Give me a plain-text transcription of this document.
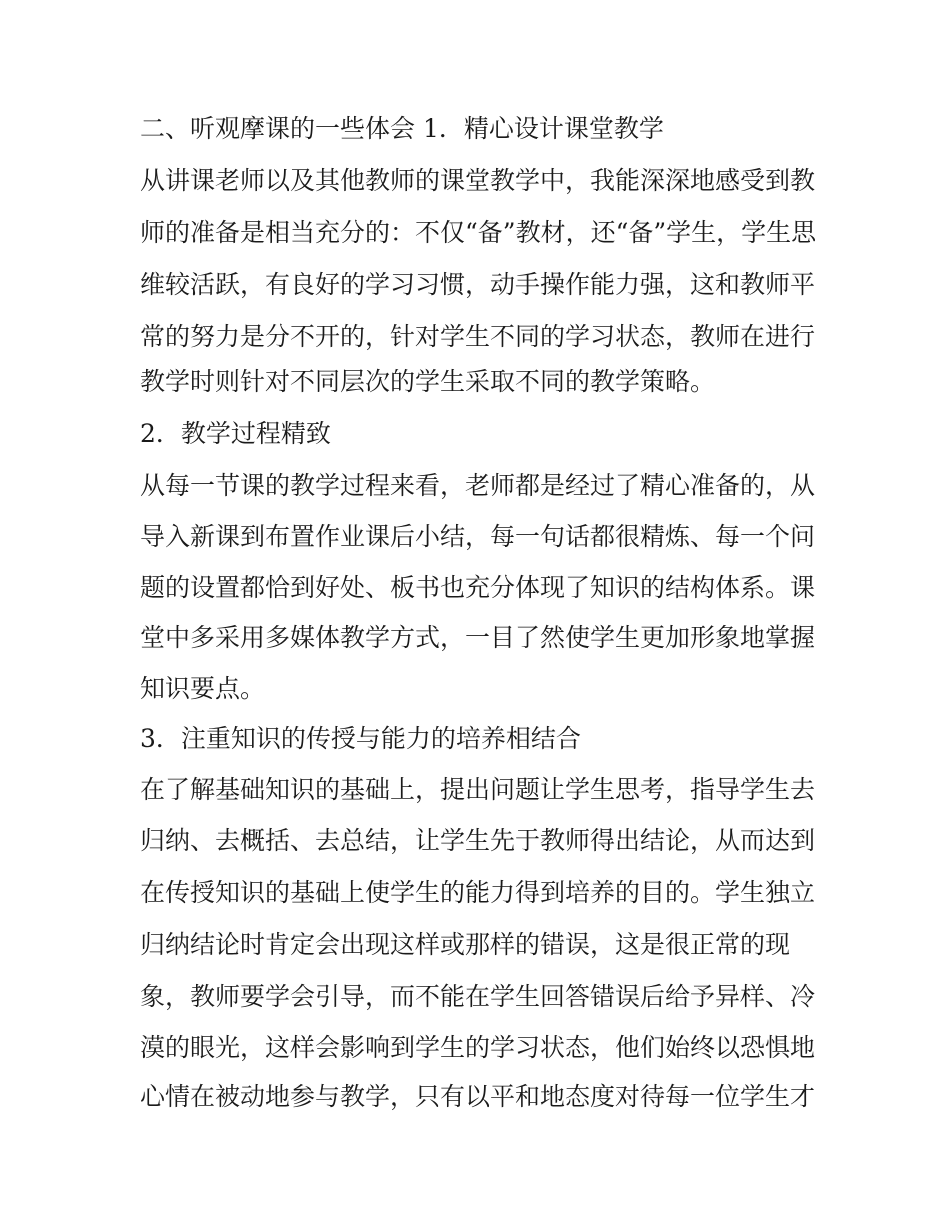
二、听观摩课的一些体会 1．精心设计课堂教学
从讲课老师以及其他教师的课堂教学中，我能深深地感受到教
师的准备是相当充分的：不仅“备”教材，还“备”学生，学生思
维较活跃，有良好的学习习惯，动手操作能力强，这和教师平
常的努力是分不开的，针对学生不同的学习状态，教师在进行
教学时则针对不同层次的学生采取不同的教学策略。
2．教学过程精致
从每一节课的教学过程来看，老师都是经过了精心准备的，从
导入新课到布置作业课后小结，每一句话都很精炼、每一个问
题的设置都恰到好处、板书也充分体现了知识的结构体系。课
堂中多采用多媒体教学方式，一目了然使学生更加形象地掌握
知识要点。
3．注重知识的传授与能力的培养相结合
在了解基础知识的基础上，提出问题让学生思考，指导学生去
归纳、去概括、去总结，让学生先于教师得出结论，从而达到
在传授知识的基础上使学生的能力得到培养的目的。学生独立
归纳结论时肯定会出现这样或那样的错误，这是很正常的现
象，教师要学会引导，而不能在学生回答错误后给予异样、冷
漠的眼光，这样会影响到学生的学习状态，他们始终以恐惧地
心情在被动地参与教学，只有以平和地态度对待每一位学生才
